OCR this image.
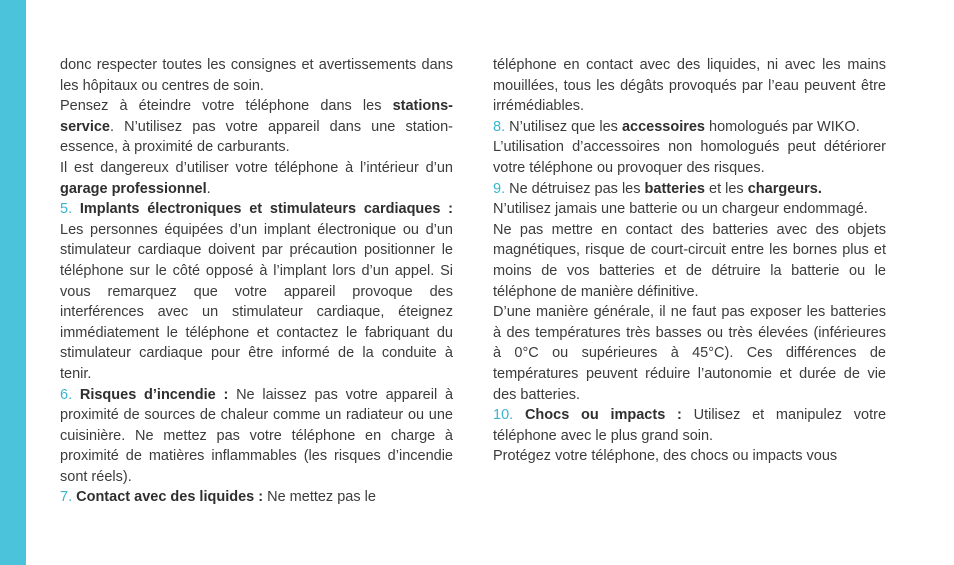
donc respecter toutes les consignes et avertissements dans les hôpitaux ou centres de soin.

Pensez à éteindre votre téléphone dans les stations-service. N’utilisez pas votre appareil dans une station-essence, à proximité de carburants.

Il est dangereux d’utiliser votre téléphone à l’intérieur d’un garage professionnel.

5. Implants électroniques et stimulateurs cardiaques : Les personnes équipées d’un implant électronique ou d’un stimulateur cardiaque doivent par précaution positionner le téléphone sur le côté opposé à l’implant lors d’un appel. Si vous remarquez que votre appareil provoque des interférences avec un stimulateur cardiaque, éteignez immédiatement le téléphone et contactez le fabriquant du stimulateur cardiaque pour être informé de la conduite à tenir.

6. Risques d’incendie : Ne laissez pas votre appareil à proximité de sources de chaleur comme un radiateur ou une cuisinière. Ne mettez pas votre téléphone en charge à proximité de matières inflammables (les risques d’incendie sont réels).

7. Contact avec des liquides : Ne mettez pas le

téléphone en contact avec des liquides, ni avec les mains mouillées, tous les dégâts provoqués par l’eau peuvent être irrémédiables.

8. N’utilisez que les accessoires homologués par WIKO.

L’utilisation d’accessoires non homologués peut détériorer votre téléphone ou provoquer des risques.

9. Ne détruisez pas les batteries et les chargeurs.

N’utilisez jamais une batterie ou un chargeur endommagé.

Ne pas mettre en contact des batteries avec des objets magnétiques, risque de court-circuit entre les bornes plus et moins de vos batteries et de détruire la batterie ou le téléphone de manière définitive.

D’une manière générale, il ne faut pas exposer les batteries à des températures très basses ou très élevées (inférieures à 0°C ou supérieures à 45°C). Ces différences de températures peuvent réduire l’autonomie et durée de vie des batteries.

10. Chocs ou impacts : Utilisez et manipulez votre téléphone avec le plus grand soin.

Protégez votre téléphone, des chocs ou impacts vous
